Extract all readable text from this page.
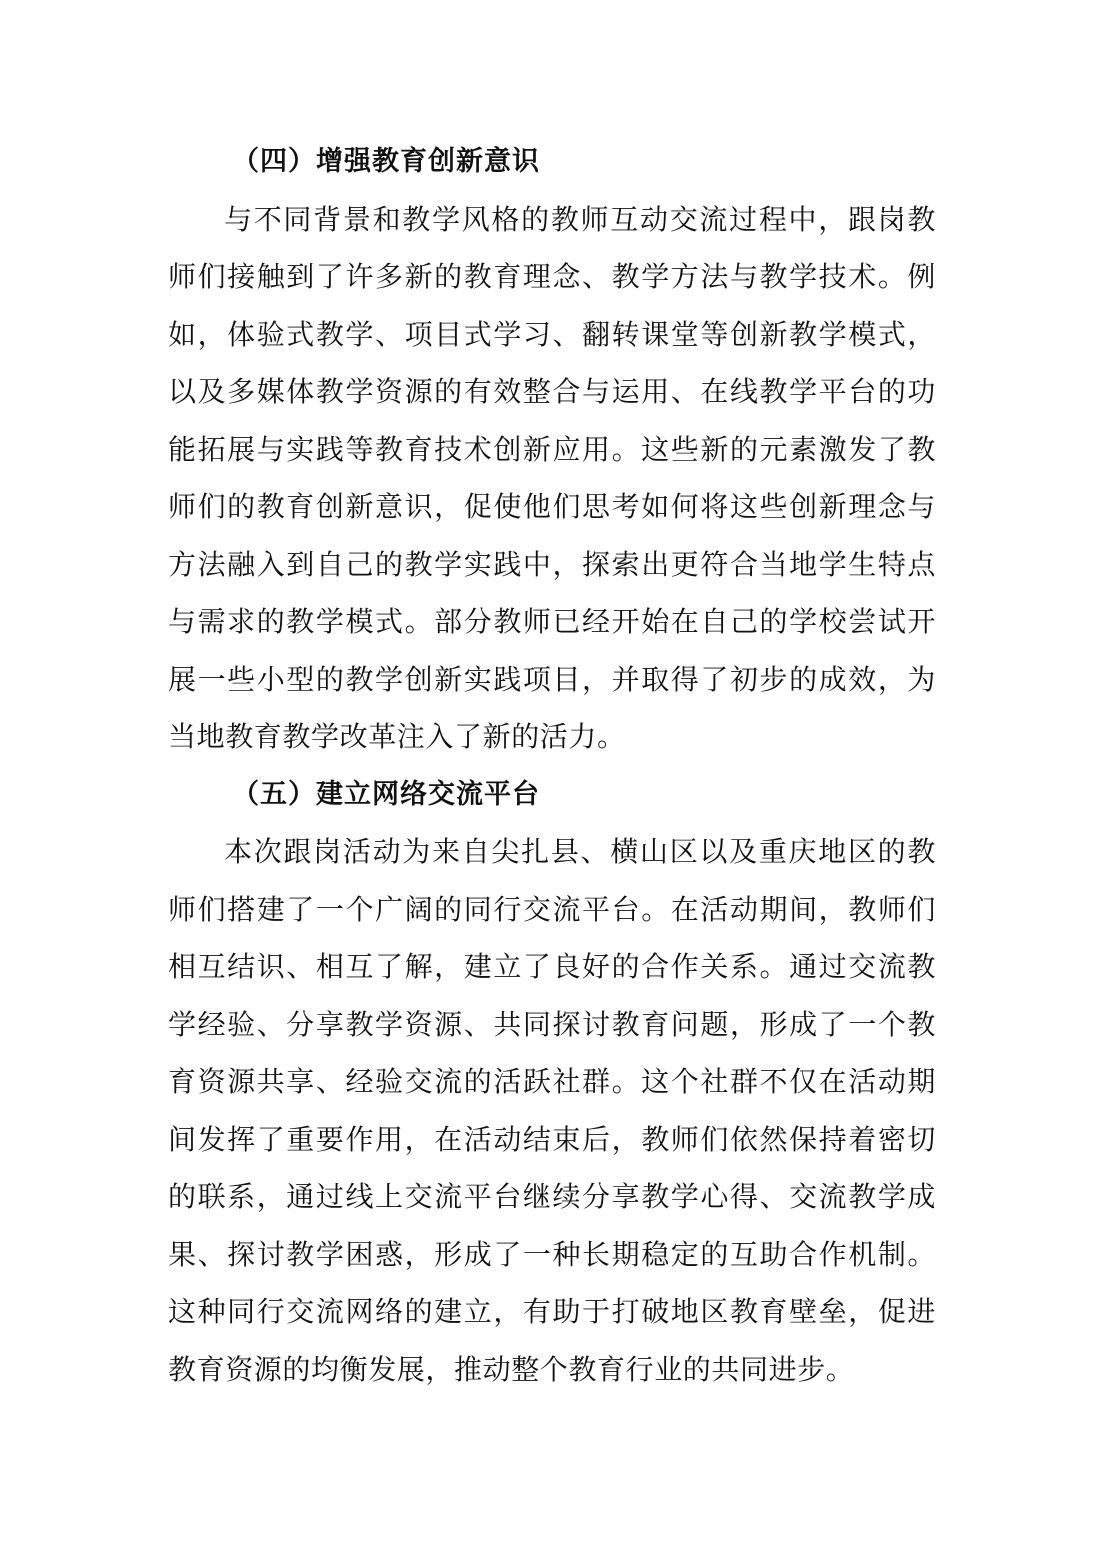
（四）增强教育创新意识

与不同背景和教学风格的教师互动交流过程中，跟岗教师们接触到了许多新的教育理念、教学方法与教学技术。例如，体验式教学、项目式学习、翻转课堂等创新教学模式，以及多媒体教学资源的有效整合与运用、在线教学平台的功能拓展与实践等教育技术创新应用。这些新的元素激发了教师们的教育创新意识，促使他们思考如何将这些创新理念与方法融入到自己的教学实践中，探索出更符合当地学生特点与需求的教学模式。部分教师已经开始在自己的学校尝试开展一些小型的教学创新实践项目，并取得了初步的成效，为当地教育教学改革注入了新的活力。

（五）建立网络交流平台

本次跟岗活动为来自尖扎县、横山区以及重庆地区的教师们搭建了一个广阔的同行交流平台。在活动期间，教师们相互结识、相互了解，建立了良好的合作关系。通过交流教学经验、分享教学资源、共同探讨教育问题，形成了一个教育资源共享、经验交流的活跃社群。这个社群不仅在活动期间发挥了重要作用，在活动结束后，教师们依然保持着密切的联系，通过线上交流平台继续分享教学心得、交流教学成果、探讨教学困惑，形成了一种长期稳定的互助合作机制。这种同行交流网络的建立，有助于打破地区教育壁垒，促进教育资源的均衡发展，推动整个教育行业的共同进步。
